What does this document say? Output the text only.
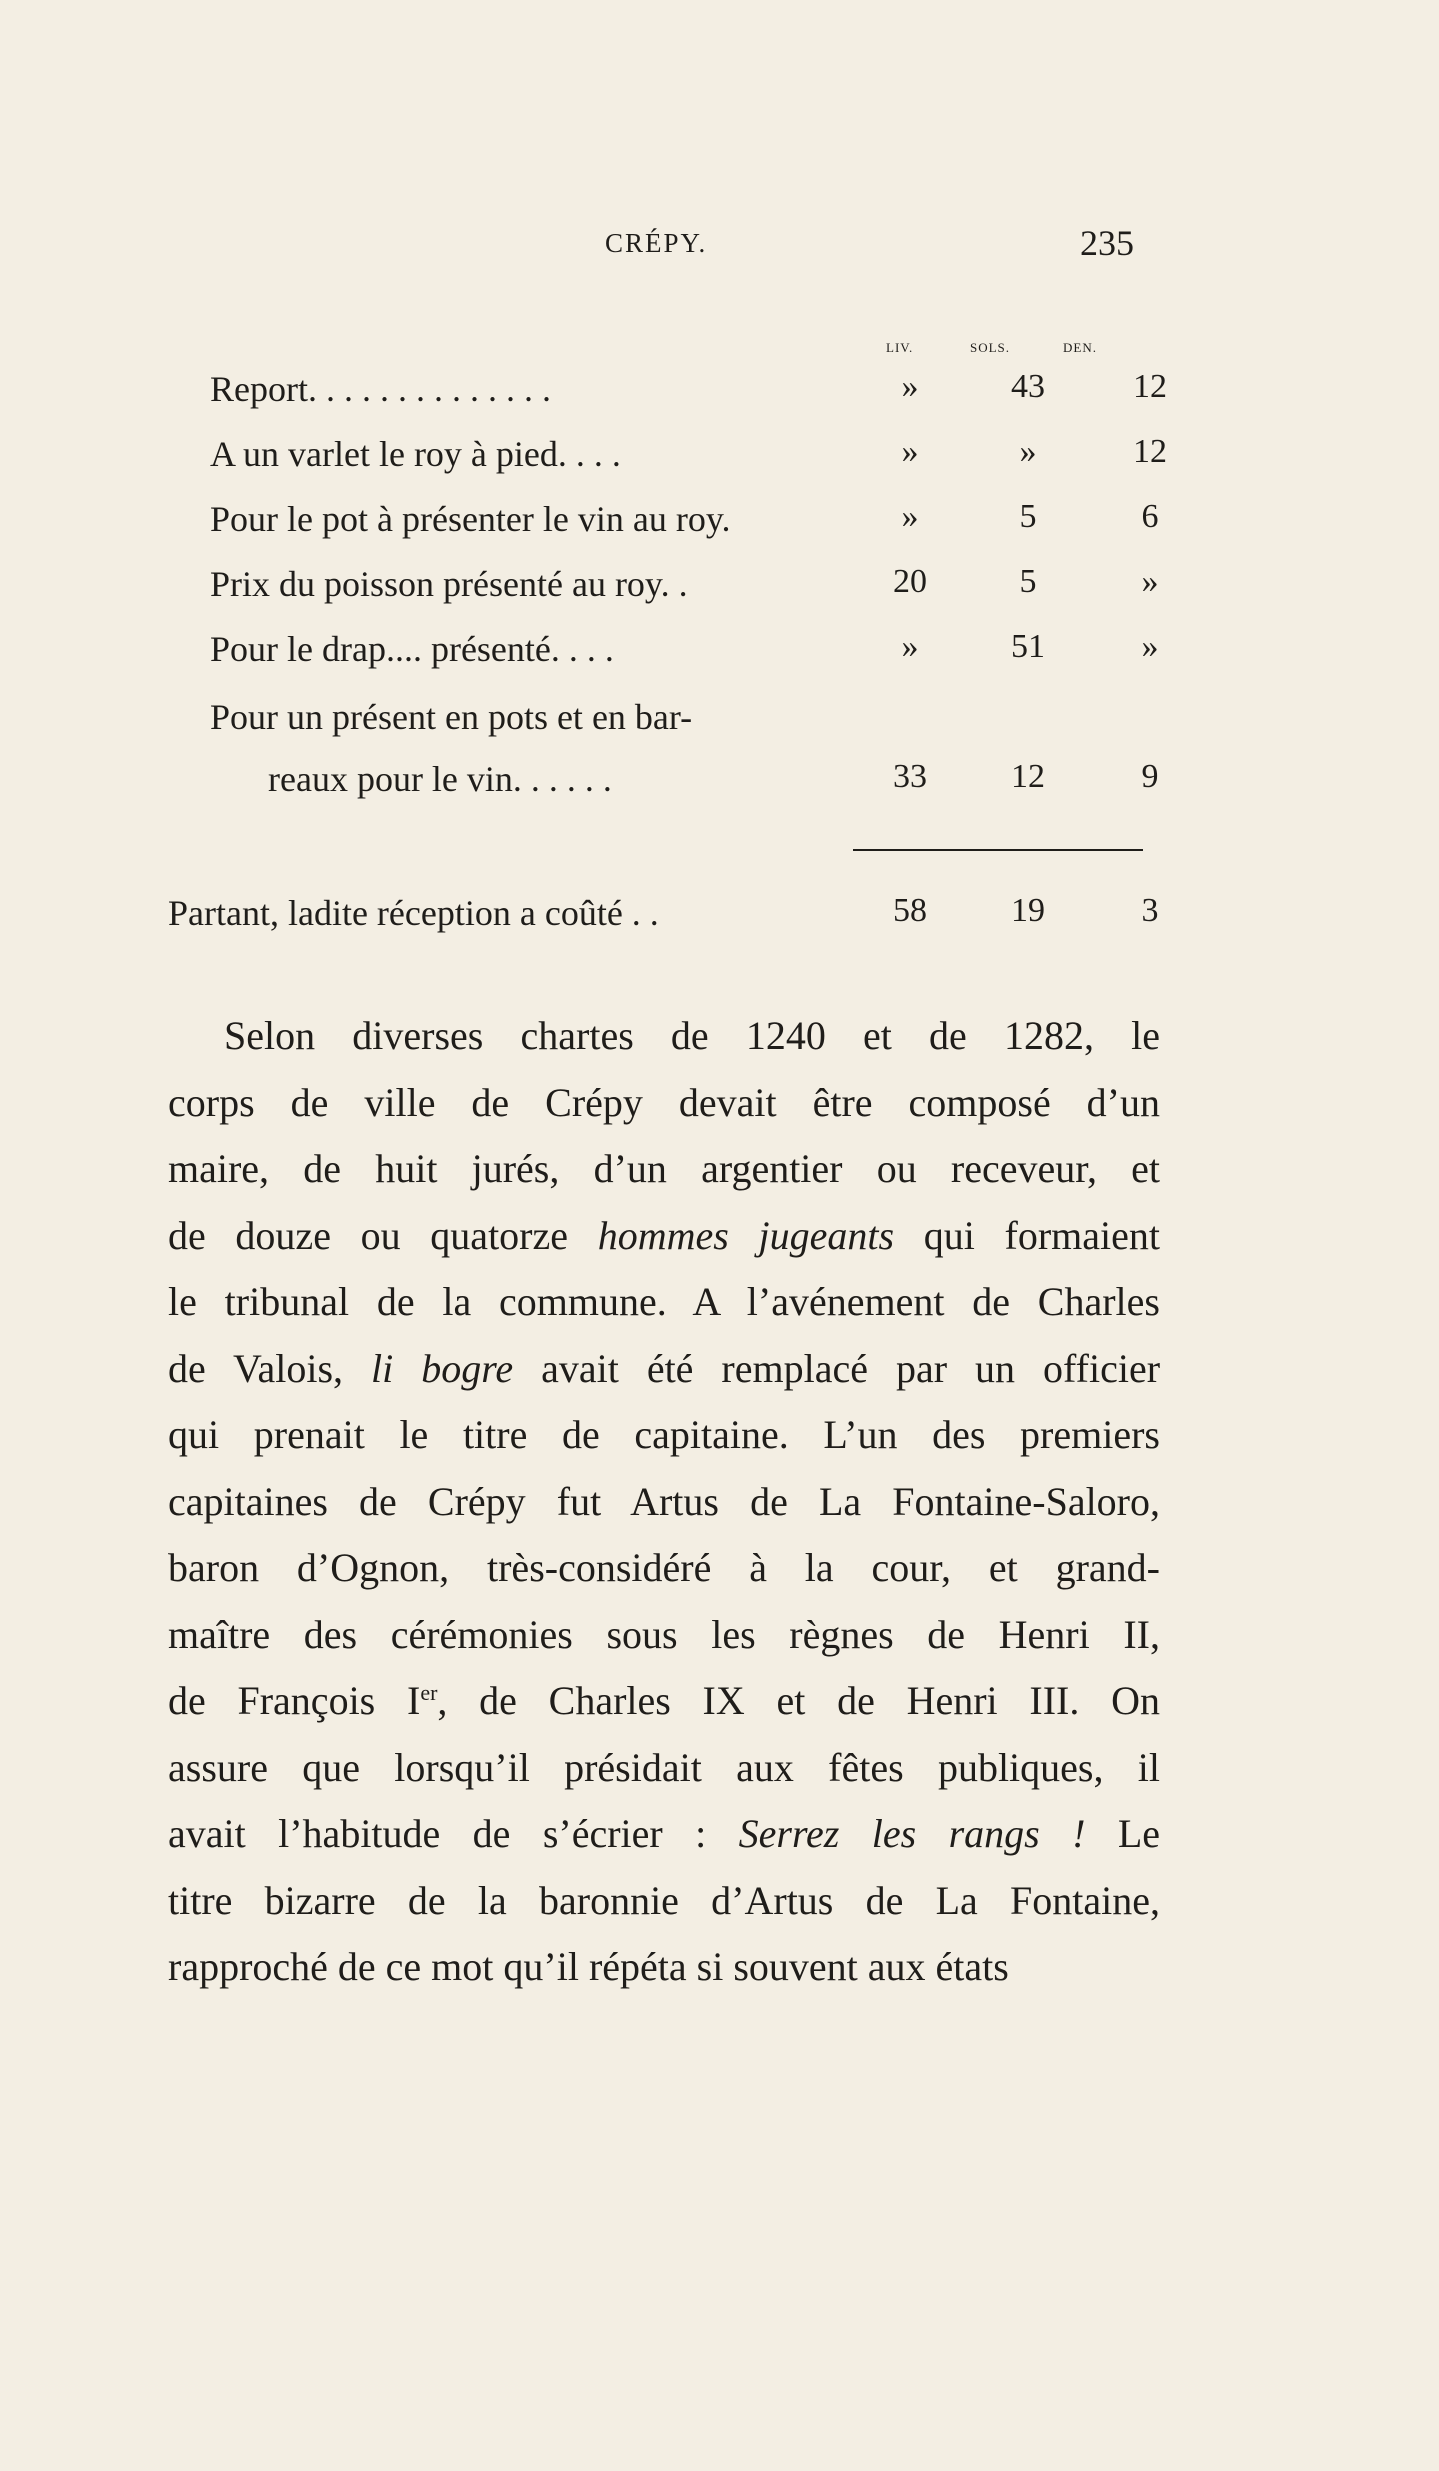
CRÉPY.	235
LIV.	SOLS.	DEN.
Report. . . . . . . . . . . . . .	»	43	12
A un varlet le roy à pied. . . .	»	»	12
Pour le pot à présenter le vin au roy.	»	5	6
Prix du poisson présenté au roy. .	20	5	»
Pour le drap.... présenté. . . .	»	51	»
Pour un présent en pots et en bar-
reaux pour le vin. . . . . .	33	12	9
Partant, ladite réception a coûté . .	58	19	3
Selon diverses chartes de 1240 et de 1282, le
corps de ville de Crépy devait être composé d’un
maire, de huit jurés, d’un argentier ou receveur, et
de douze ou quatorze hommes jugeants qui formaient
le tribunal de la commune. A l’avénement de Charles
de Valois, li bogre avait été remplacé par un officier
qui prenait le titre de capitaine. L’un des premiers
capitaines de Crépy fut Artus de La Fontaine-Saloro,
baron d’Ognon, très-considéré à la cour, et grand-
maître des cérémonies sous les règnes de Henri II,
de François Ier, de Charles IX et de Henri III. On
assure que lorsqu’il présidait aux fêtes publiques, il
avait l’habitude de s’écrier : Serrez les rangs ! Le
titre bizarre de la baronnie d’Artus de La Fontaine,
rapproché de ce mot qu’il répéta si souvent aux états
